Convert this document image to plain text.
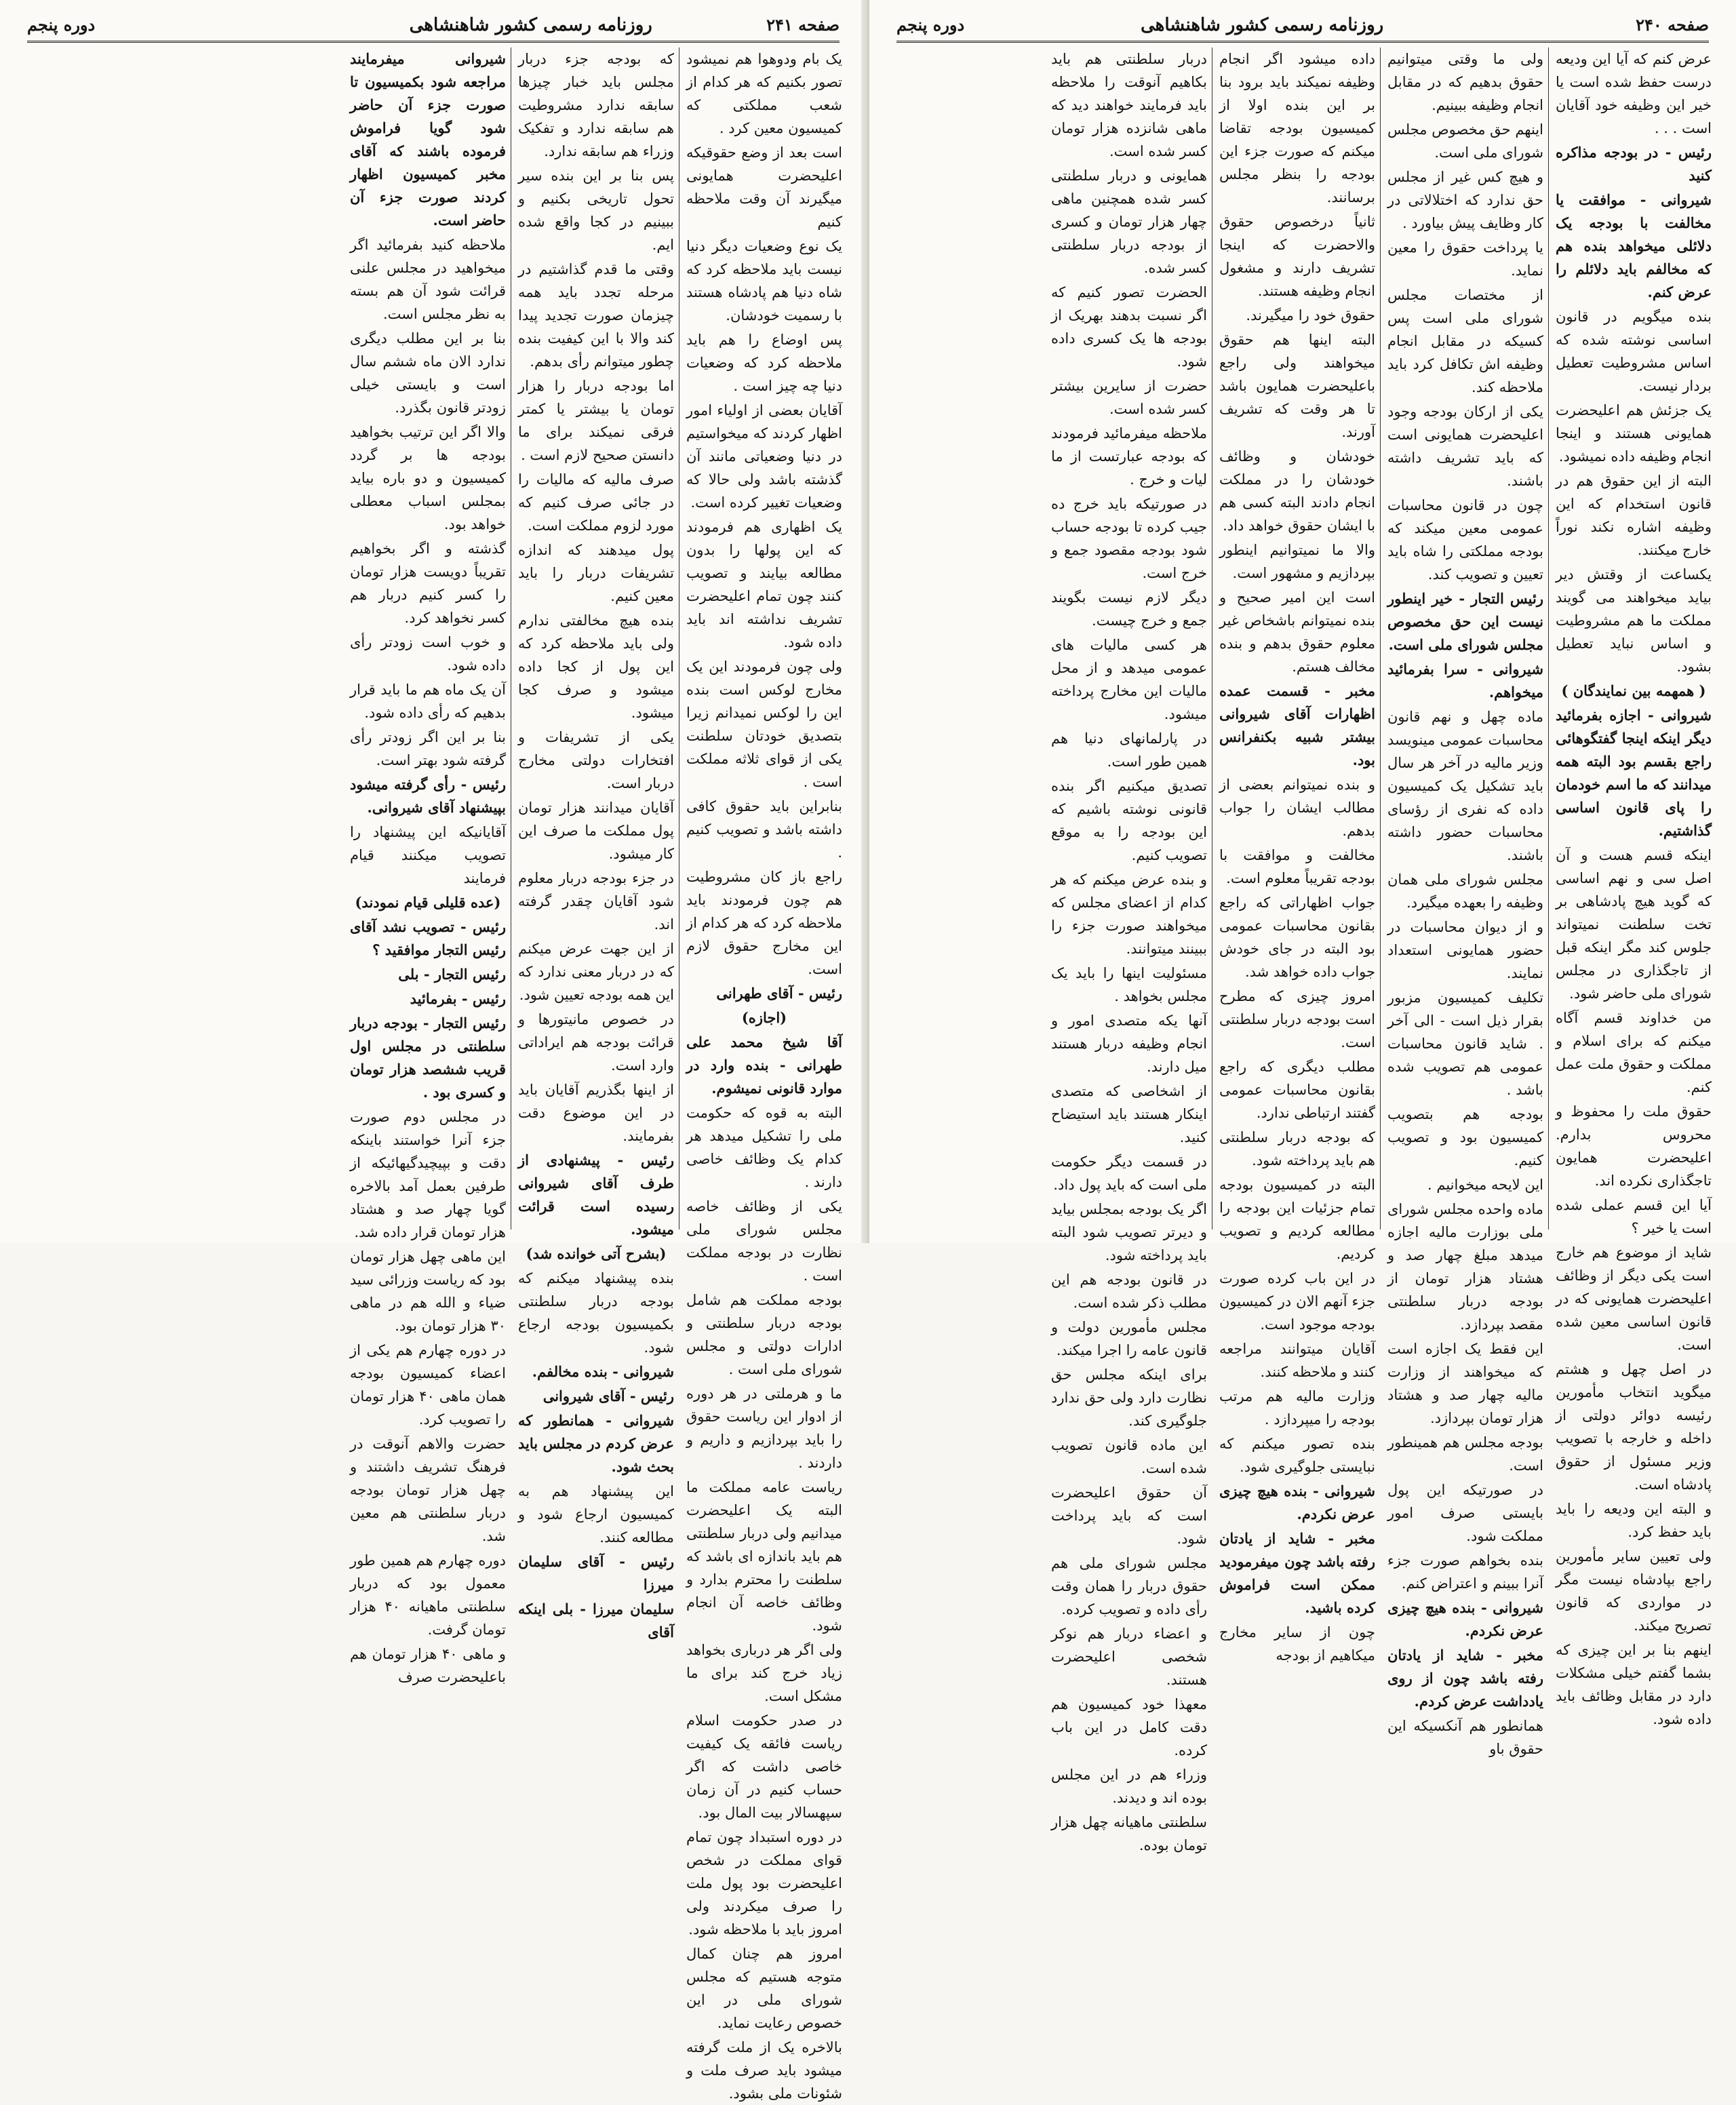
صفحه ۲۴۱
روزنامه رسمی کشور شاهنشاهی
دوره پنجم

یک بام ودوهوا هم نمیشود تصور بکنیم که هر کدام از شعب مملکتی که کمیسیون معین کرد .

است بعد از وضع حقوقیکه اعلیحضرت همایونی میگیرند آن وقت ملاحظه کنیم

یک نوع وضعیات دیگر دنیا نیست باید ملاحظه کرد که شاه دنیا هم پادشاه هستند با رسمیت خودشان.

پس اوضاع را هم باید ملاحظه کرد که وضعیات دنیا چه چیز است .

آقایان بعضی از اولیاء امور اظهار کردند که میخواستیم در دنیا وضعیاتی مانند آن گذشته باشد ولی حالا که وضعیات تغییر کرده است.

یک اظهاری هم فرمودند که این پولها را بدون مطالعه بیایند و تصویب کنند چون تمام اعلیحضرت تشریف نداشته اند باید داده شود.

ولی چون فرمودند این یک مخارج لوکس است بنده این را لوکس نمیدانم زیرا بتصدیق خودتان سلطنت یکی از قوای ثلاثه مملکت است .

بنابراین باید حقوق کافی داشته باشد و تصویب کنیم .

راجع باز کان مشروطیت هم چون فرمودند باید ملاحظه کرد که هر کدام از این مخارج حقوق لازم است.

رئیس - آقای طهرانی

(اجازه)

آقا شیخ محمد علی طهرانی - بنده وارد در موارد قانونی نمیشوم.

البته به قوه که حکومت ملی را تشکیل میدهد هر کدام یک وظائف خاصی دارند .

یکی از وظائف خاصه مجلس شورای ملی نظارت در بودجه مملکت است .

بودجه مملکت هم شامل بودجه دربار سلطنتی و ادارات دولتی و مجلس شورای ملی است .

ما و هرملتی در هر دوره از ادوار این ریاست حقوق را باید بپردازیم و داریم و داردند .

ریاست عامه مملکت ما البته یک اعلیحضرت میدانیم ولی دربار سلطنتی هم باید باندازه ای باشد که سلطنت را محترم بدارد و وظائف خاصه آن انجام شود.

ولی اگر هر درباری بخواهد زیاد خرج کند برای ما مشکل است.

در صدر حکومت اسلام ریاست فائقه یک کیفیت خاصی داشت که اگر حساب کنیم در آن زمان سپهسالار بیت المال بود.

در دوره استبداد چون تمام قوای مملکت در شخص اعلیحضرت بود پول ملت را صرف میکردند ولی امروز باید با ملاحظه شود.

امروز هم چنان کمال متوجه هستیم که مجلس شورای ملی در این خصوص رعایت نماید.

بالاخره یک از ملت گرفته میشود باید صرف ملت و شئونات ملی بشود.

که بودجه جزء دربار مجلس باید خبار چیزها سابقه ندارد مشروطیت هم سابقه ندارد و تفکیک وزراء هم سابقه ندارد.

پس بنا بر این بنده سیر تحول تاریخی بکنیم و ببینیم در کجا واقع شده ایم.

وقتی ما قدم گذاشتیم در مرحله تجدد باید همه چیزمان صورت تجدید پیدا کند والا با این کیفیت بنده چطور میتوانم رأی بدهم.

اما بودجه دربار را هزار تومان یا بیشتر یا کمتر فرقی نمیکند برای ما دانستن صحیح لازم است .

صرف مالیه که مالیات را در جائی صرف کنیم که مورد لزوم مملکت است.

پول میدهند که اندازه تشریفات دربار را باید معین کنیم.

بنده هیچ مخالفتی ندارم ولی باید ملاحظه کرد که این پول از کجا داده میشود و صرف کجا میشود.

یکی از تشریفات و افتخارات دولتی مخارج دربار است.

آقایان میدانند هزار تومان پول مملکت ما صرف این کار میشود.

در جزء بودجه دربار معلوم شود آقایان چقدر گرفته اند.

از این جهت عرض میکنم که در دربار معنی ندارد که این همه بودجه تعیین شود.

در خصوص مانیتورها و قرائت بودجه هم ایراداتی وارد است.

از اینها بگذریم آقایان باید در این موضوع دقت بفرمایند.

رئیس - پیشنهادی از طرف آقای شیروانی رسیده است قرائت میشود.

(بشرح آتی خوانده شد)

بنده پیشنهاد میکنم که بودجه دربار سلطنتی بکمیسیون بودجه ارجاع شود.

شیروانی - بنده مخالفم.

رئیس - آقای شیروانی

شیروانی - همانطور که عرض کردم در مجلس باید بحث شود.

این پیشنهاد هم به کمیسیون ارجاع شود و مطالعه کنند.

رئیس - آقای سلیمان میرزا

سلیمان میرزا - بلی اینکه آقای

شیروانی میفرمایند مراجعه شود بکمیسیون تا صورت جزء آن حاضر شود گویا فراموش فرموده باشند که آقای مخبر کمیسیون اظهار کردند صورت جزء آن حاضر است.

ملاحظه کنید بفرمائید اگر میخواهید در مجلس علنی قرائت شود آن هم بسته به نظر مجلس است.

بنا بر این مطلب دیگری ندارد الان ماه ششم سال است و بایستی خیلی زودتر قانون بگذرد.

والا اگر این ترتیب بخواهید بودجه ها بر گردد کمیسیون و دو باره بیاید بمجلس اسباب معطلی خواهد بود.

گذشته و اگر بخواهیم تقریباً دویست هزار تومان را کسر کنیم دربار هم کسر نخواهد کرد.

و خوب است زودتر رأی داده شود.

آن یک ماه هم ما باید قرار بدهیم که رأی داده شود.

بنا بر این اگر زودتر رأی گرفته شود بهتر است.

رئیس - رأی گرفته میشود بپیشنهاد آقای شیروانی.

آقایانیکه این پیشنهاد را تصویب میکنند قیام فرمایند

(عده قلیلی قیام نمودند)

رئیس - تصویب نشد آقای رئیس التجار موافقید ؟

رئیس التجار - بلی

رئیس - بفرمائید

رئیس التجار - بودجه دربار سلطنتی در مجلس اول قریب ششصد هزار تومان و کسری بود .

در مجلس دوم صورت جزء آنرا خواستند باینکه دقت و بپیچیدگیهائیکه از طرفین بعمل آمد بالاخره گویا چهار صد و هشتاد هزار تومان قرار داده شد.

این ماهی چهل هزار تومان بود که ریاست وزرائی سید ضیاء و الله هم در ماهی ۳۰ هزار تومان بود.

در دوره چهارم هم یکی از اعضاء کمیسیون بودجه همان ماهی ۴۰ هزار تومان را تصویب کرد.

حضرت والاهم آنوقت در فرهنگ تشریف داشتند و چهل هزار تومان بودجه دربار سلطنتی هم معین شد.

دوره چهارم هم همین طور معمول بود که دربار سلطنتی ماهیانه ۴۰ هزار تومان گرفت.

و ماهی ۴۰ هزار تومان هم باعلیحضرت صرف

صفحه ۲۴۰
روزنامه رسمی کشور شاهنشاهی
دوره پنجم

عرض کنم که آیا این ودیعه درست حفظ شده است یا خیر این وظیفه خود آقایان است . . .

رئیس - در بودجه مذاکره کنید

شیروانی - موافقت یا مخالفت با بودجه یک دلائلی میخواهد بنده هم که مخالفم باید دلائلم را عرض کنم.

بنده میگویم در قانون اساسی نوشته شده که اساس مشروطیت تعطیل بردار نیست.

یک جزئش هم اعلیحضرت همایونی هستند و اینجا انجام وظیفه داده نمیشود.

البته از این حقوق هم در قانون استخدام که این وظیفه اشاره نکند نوراً خارج میکنند.

یکساعت از وقتش دیر بیاید میخواهند می گویند مملکت ما هم مشروطیت و اساس نباید تعطیل بشود.

( همهمه بین نمایندگان )

شیروانی - اجازه بفرمائید دیگر اینکه اینجا گفتگوهائی راجع بقسم بود البته همه میدانند که ما اسم خودمان را پای قانون اساسی گذاشتیم.

اینکه قسم هست و آن اصل سی و نهم اساسی که گوید هیچ پادشاهی بر تخت سلطنت نمیتواند جلوس کند مگر اینکه قبل از تاجگذاری در مجلس شورای ملی حاضر شود.

من خداوند قسم آگاه میکنم که برای اسلام و مملکت و حقوق ملت عمل کنم.

حقوق ملت را محفوظ و محروس بدارم. اعلیحضرت همایون تاجگذاری نکرده اند.

آیا این قسم عملی شده است یا خیر ؟

شاید از موضوع هم خارج است یکی دیگر از وظائف اعلیحضرت همایونی که در قانون اساسی معین شده است.

در اصل چهل و هشتم میگوید انتخاب مأمورین رئیسه دوائر دولتی از داخله و خارجه با تصویب وزیر مسئول از حقوق پادشاه است.

و البته این ودیعه را باید باید حفظ کرد.

ولی تعیین سایر مأمورین راجع بپادشاه نیست مگر در مواردی که قانون تصریح میکند.

اینهم بنا بر این چیزی که بشما گفتم خیلی مشکلات دارد در مقابل وظائف باید داده شود.

ولی ما وقتی میتوانیم حقوق بدهیم که در مقابل انجام وظیفه ببینیم.

اینهم حق مخصوص مجلس شورای ملی است.

و هیچ کس غیر از مجلس حق ندارد که اختلالاتی در کار وظایف پیش بیاورد .

یا پرداخت حقوق را معین نماید.

از مختصات مجلس شورای ملی است پس کسیکه در مقابل انجام وظیفه اش تکافل کرد باید ملاحظه کند.

یکی از ارکان بودجه وجود اعلیحضرت همایونی است که باید تشریف داشته باشند.

چون در قانون محاسبات عمومی معین میکند که بودجه مملکتی را شاه باید تعیین و تصویب کند.

رئیس التجار - خیر اینطور نیست این حق مخصوص مجلس شورای ملی است.

شیروانی - سرا بفرمائید میخواهم.

ماده چهل و نهم قانون محاسبات عمومی مینویسد وزیر مالیه در آخر هر سال باید تشکیل یک کمیسیون داده که نفری از رؤسای محاسبات حضور داشته باشند.

مجلس شورای ملی همان وظیفه را بعهده میگیرد.

و از دیوان محاسبات در حضور همایونی استعداد نمایند.

تکلیف کمیسیون مزبور بقرار ذیل است - الی آخر . شاید قانون محاسبات عمومی هم تصویب شده باشد .

بودجه هم بتصویب کمیسیون بود و تصویب کنیم.

این لایحه میخوانیم .

ماده واحده مجلس شورای ملی بوزارت مالیه اجازه میدهد مبلغ چهار صد و هشتاد هزار تومان از بودجه دربار سلطنتی مقصد بپردازد.

این فقط یک اجازه است که میخواهند از وزارت مالیه چهار صد و هشتاد هزار تومان بپردازد.

بودجه مجلس هم همینطور است.

در صورتیکه این پول بایستی صرف امور مملکت شود.

بنده بخواهم صورت جزء آنرا ببینم و اعتراض کنم.

شیروانی - بنده هیچ چیزی عرض نکردم.

مخبر - شاید از یادتان رفته باشد چون از روی یادداشت عرض کردم.

همانطور هم آنکسیکه این حقوق باو

داده میشود اگر انجام وظیفه نمیکند باید برود بنا بر این بنده اولا از کمیسیون بودجه تقاضا میکنم که صورت جزء این بودجه را بنظر مجلس برسانند.

ثانیاً درخصوص حقوق والاحضرت که اینجا تشریف دارند و مشغول انجام وظیفه هستند.

حقوق خود را میگیرند.

البته اینها هم حقوق میخواهند ولی راجع باعلیحضرت همایون باشد تا هر وقت که تشریف آورند.

خودشان و وظائف خودشان را در مملکت انجام دادند البته کسی هم با ایشان حقوق خواهد داد.

والا ما نمیتوانیم اینطور بپردازیم و مشهور است.

است این امیر صحیح و بنده نمیتوانم باشخاص غیر معلوم حقوق بدهم و بنده مخالف هستم.

مخبر - قسمت عمده اظهارات آقای شیروانی بیشتر شبیه بکنفرانس بود.

و بنده نمیتوانم بعضی از مطالب ایشان را جواب بدهم.

مخالفت و موافقت با بودجه تقریباً معلوم است.

جواب اظهاراتی که راجع بقانون محاسبات عمومی بود البته در جای خودش جواب داده خواهد شد.

امروز چیزی که مطرح است بودجه دربار سلطنتی است.

مطلب دیگری که راجع بقانون محاسبات عمومی گفتند ارتباطی ندارد.

که بودجه دربار سلطنتی هم باید پرداخته شود.

البته در کمیسیون بودجه تمام جزئیات این بودجه را مطالعه کردیم و تصویب کردیم.

در این باب کرده صورت جزء آنهم الان در کمیسیون بودجه موجود است.

آقایان میتوانند مراجعه کنند و ملاحظه کنند.

وزارت مالیه هم مرتب بودجه را میپردازد .

بنده تصور میکنم که نبایستی جلوگیری شود.

شیروانی - بنده هیچ چیزی عرض نکردم.

مخبر - شاید از یادتان رفته باشد چون میفرمودید ممکن است فراموش کرده باشید.

چون از سایر مخارج میکاهیم از بودجه

دربار سلطنتی هم باید بکاهیم آنوقت را ملاحظه باید فرمایند خواهند دید که ماهی شانزده هزار تومان کسر شده است.

همایونی و دربار سلطنتی کسر شده همچنین ماهی چهار هزار تومان و کسری از بودجه دربار سلطنتی کسر شده.

الحضرت تصور کنیم که اگر نسبت بدهند بهریک از بودجه ها یک کسری داده شود.

حضرت از سایرین بیشتر کسر شده است.

ملاحظه میفرمائید فرمودند که بودجه عبارتست از ما لیات و خرج .

در صورتیکه باید خرج ده جیب کرده تا بودجه حساب شود بودجه مقصود جمع و خرج است.

دیگر لازم نیست بگویند جمع و خرج چیست.

هر کسی مالیات های عمومی میدهد و از محل مالیات این مخارج پرداخته میشود.

در پارلمانهای دنیا هم همین طور است.

تصدیق میکنیم اگر بنده قانونی نوشته باشیم که این بودجه را به موقع تصویب کنیم.

و بنده عرض میکنم که هر کدام از اعضای مجلس که میخواهند صورت جزء را ببینند میتوانند.

مسئولیت اینها را باید یک مجلس بخواهد .

آنها یکه متصدی امور و انجام وظیفه دربار هستند میل دارند.

از اشخاصی که متصدی اینکار هستند باید استیضاح کنید.

در قسمت دیگر حکومت ملی است که باید پول داد.

اگر یک بودجه بمجلس بیاید و دیرتر تصویب شود البته باید پرداخته شود.

در قانون بودجه هم این مطلب ذکر شده است.

مجلس مأمورین دولت و قانون عامه را اجرا میکند.

برای اینکه مجلس حق نظارت دارد ولی حق ندارد جلوگیری کند.

این ماده قانون تصویب شده است.

آن حقوق اعلیحضرت است که باید پرداخت شود.

مجلس شورای ملی هم حقوق دربار را همان وقت رأی داده و تصویب کرده.

و اعضاء دربار هم نوکر شخصی اعلیحضرت هستند.

معهذا خود کمیسیون هم دقت کامل در این باب کرده.

وزراء هم در این مجلس بوده اند و دیدند.

سلطنتی ماهیانه چهل هزار تومان بوده.
